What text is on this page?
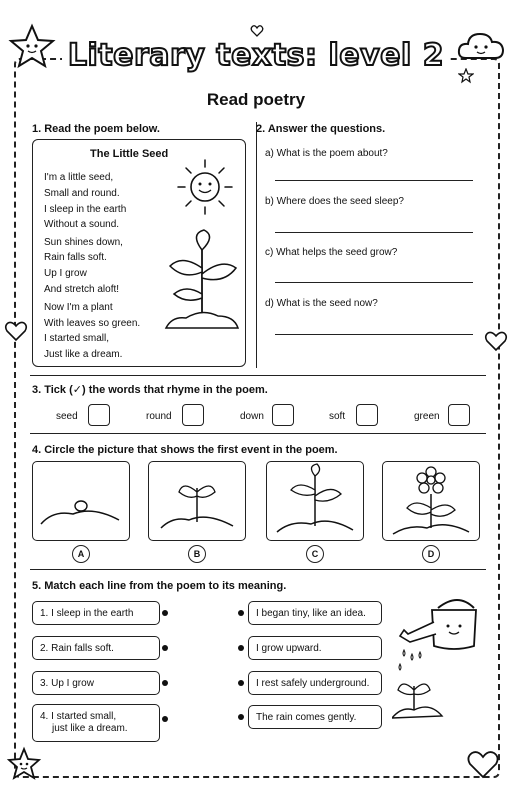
Literary texts: level 2
Read poetry
1. Read the poem below.
The Little Seed
I'm a little seed,
Small and round.
I sleep in the earth
Without a sound.
Sun shines down,
Rain falls soft.
Up I grow
And stretch aloft!
Now I'm a plant
With leaves so green.
I started small,
Just like a dream.
2. Answer the questions.
a) What is the poem about?
b) Where does the seed sleep?
c) What helps the seed grow?
d) What is the seed now?
3. Tick (✓) the words that rhyme in the poem.
seed	round	down	soft	green
4. Circle the picture that shows the first event in the poem.
A	B	C	D
5. Match each line from the poem to its meaning.
1. I sleep in the earth
2. Rain falls soft.
3. Up I grow
4. I started small,
just like a dream.
I began tiny, like an idea.
I grow upward.
I rest safely underground.
The rain comes gently.
